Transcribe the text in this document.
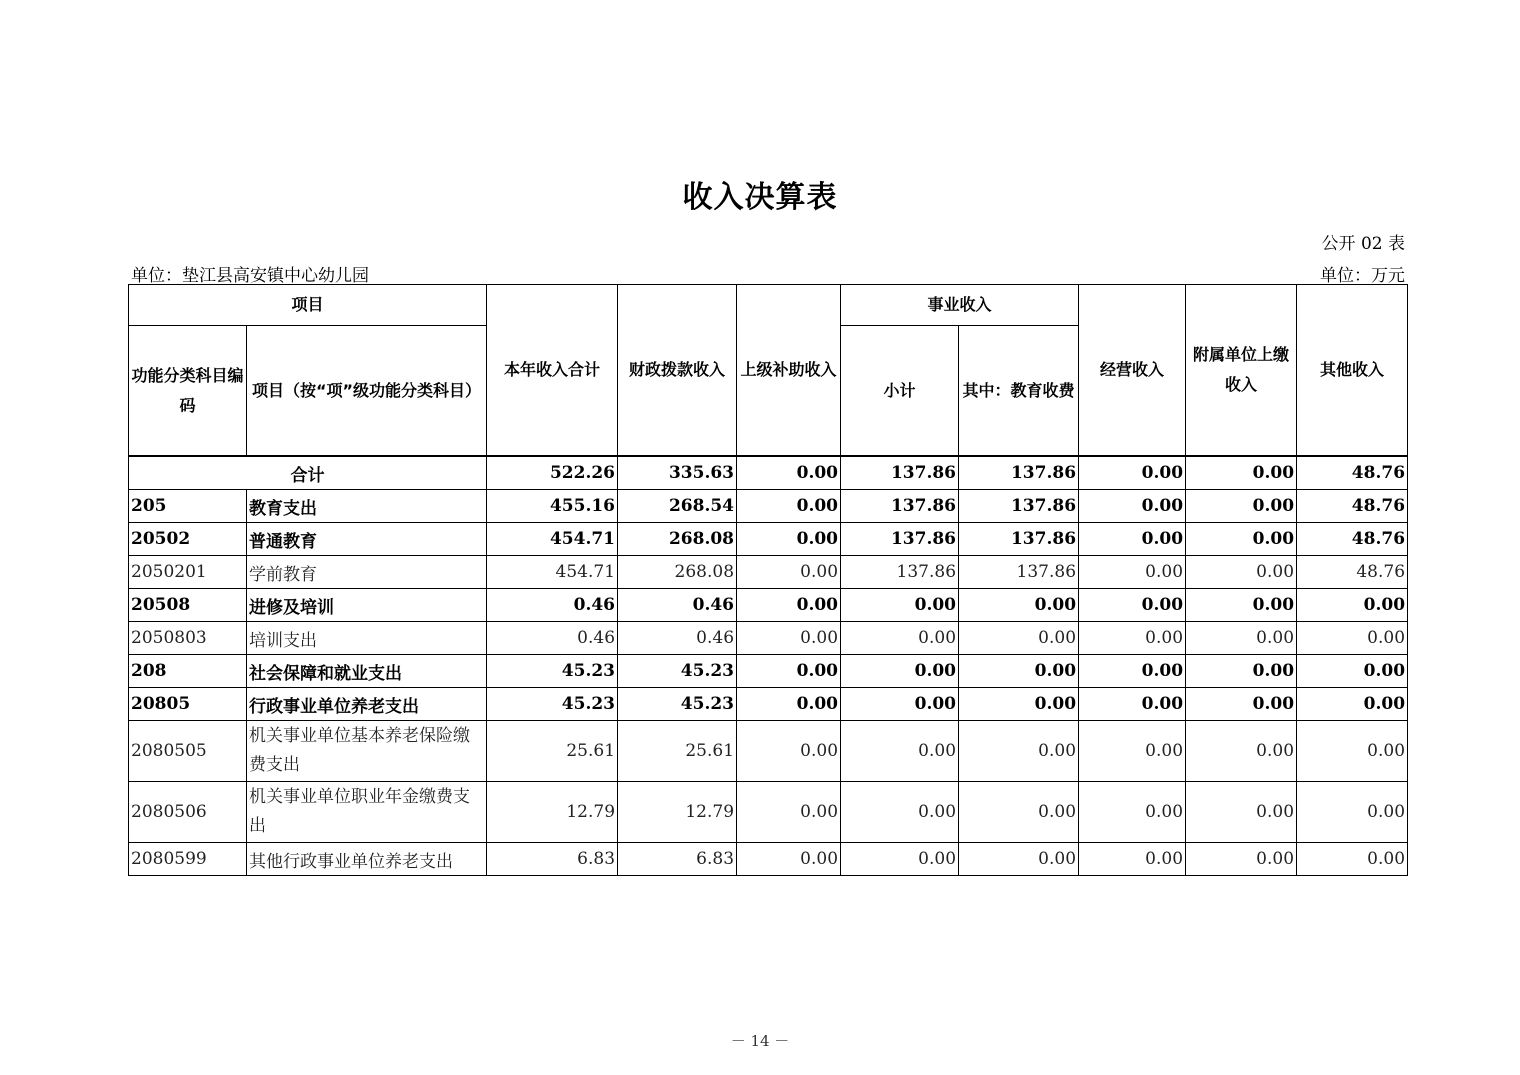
收入决算表
公开 02 表
单位：垫江县高安镇中心幼儿园	单位：万元
项目		本年收入合计	财政拨款收入	上级补助收入	事业收入		经营收入	附属单位上缴收入	其他收入
功能分类科目编码	项目（按“项”级功能分类科目）				小计	其中：教育收费			
合计		522.26	335.63	0.00	137.86	137.86	0.00	0.00	48.76
205	教育支出	455.16	268.54	0.00	137.86	137.86	0.00	0.00	48.76
20502	普通教育	454.71	268.08	0.00	137.86	137.86	0.00	0.00	48.76
2050201	学前教育	454.71	268.08	0.00	137.86	137.86	0.00	0.00	48.76
20508	进修及培训	0.46	0.46	0.00	0.00	0.00	0.00	0.00	0.00
2050803	培训支出	0.46	0.46	0.00	0.00	0.00	0.00	0.00	0.00
208	社会保障和就业支出	45.23	45.23	0.00	0.00	0.00	0.00	0.00	0.00
20805	行政事业单位养老支出	45.23	45.23	0.00	0.00	0.00	0.00	0.00	0.00
2080505	机关事业单位基本养老保险缴费支出	25.61	25.61	0.00	0.00	0.00	0.00	0.00	0.00
2080506	机关事业单位职业年金缴费支出	12.79	12.79	0.00	0.00	0.00	0.00	0.00	0.00
2080599	其他行政事业单位养老支出	6.83	6.83	0.00	0.00	0.00	0.00	0.00	0.00
－ 14 －
